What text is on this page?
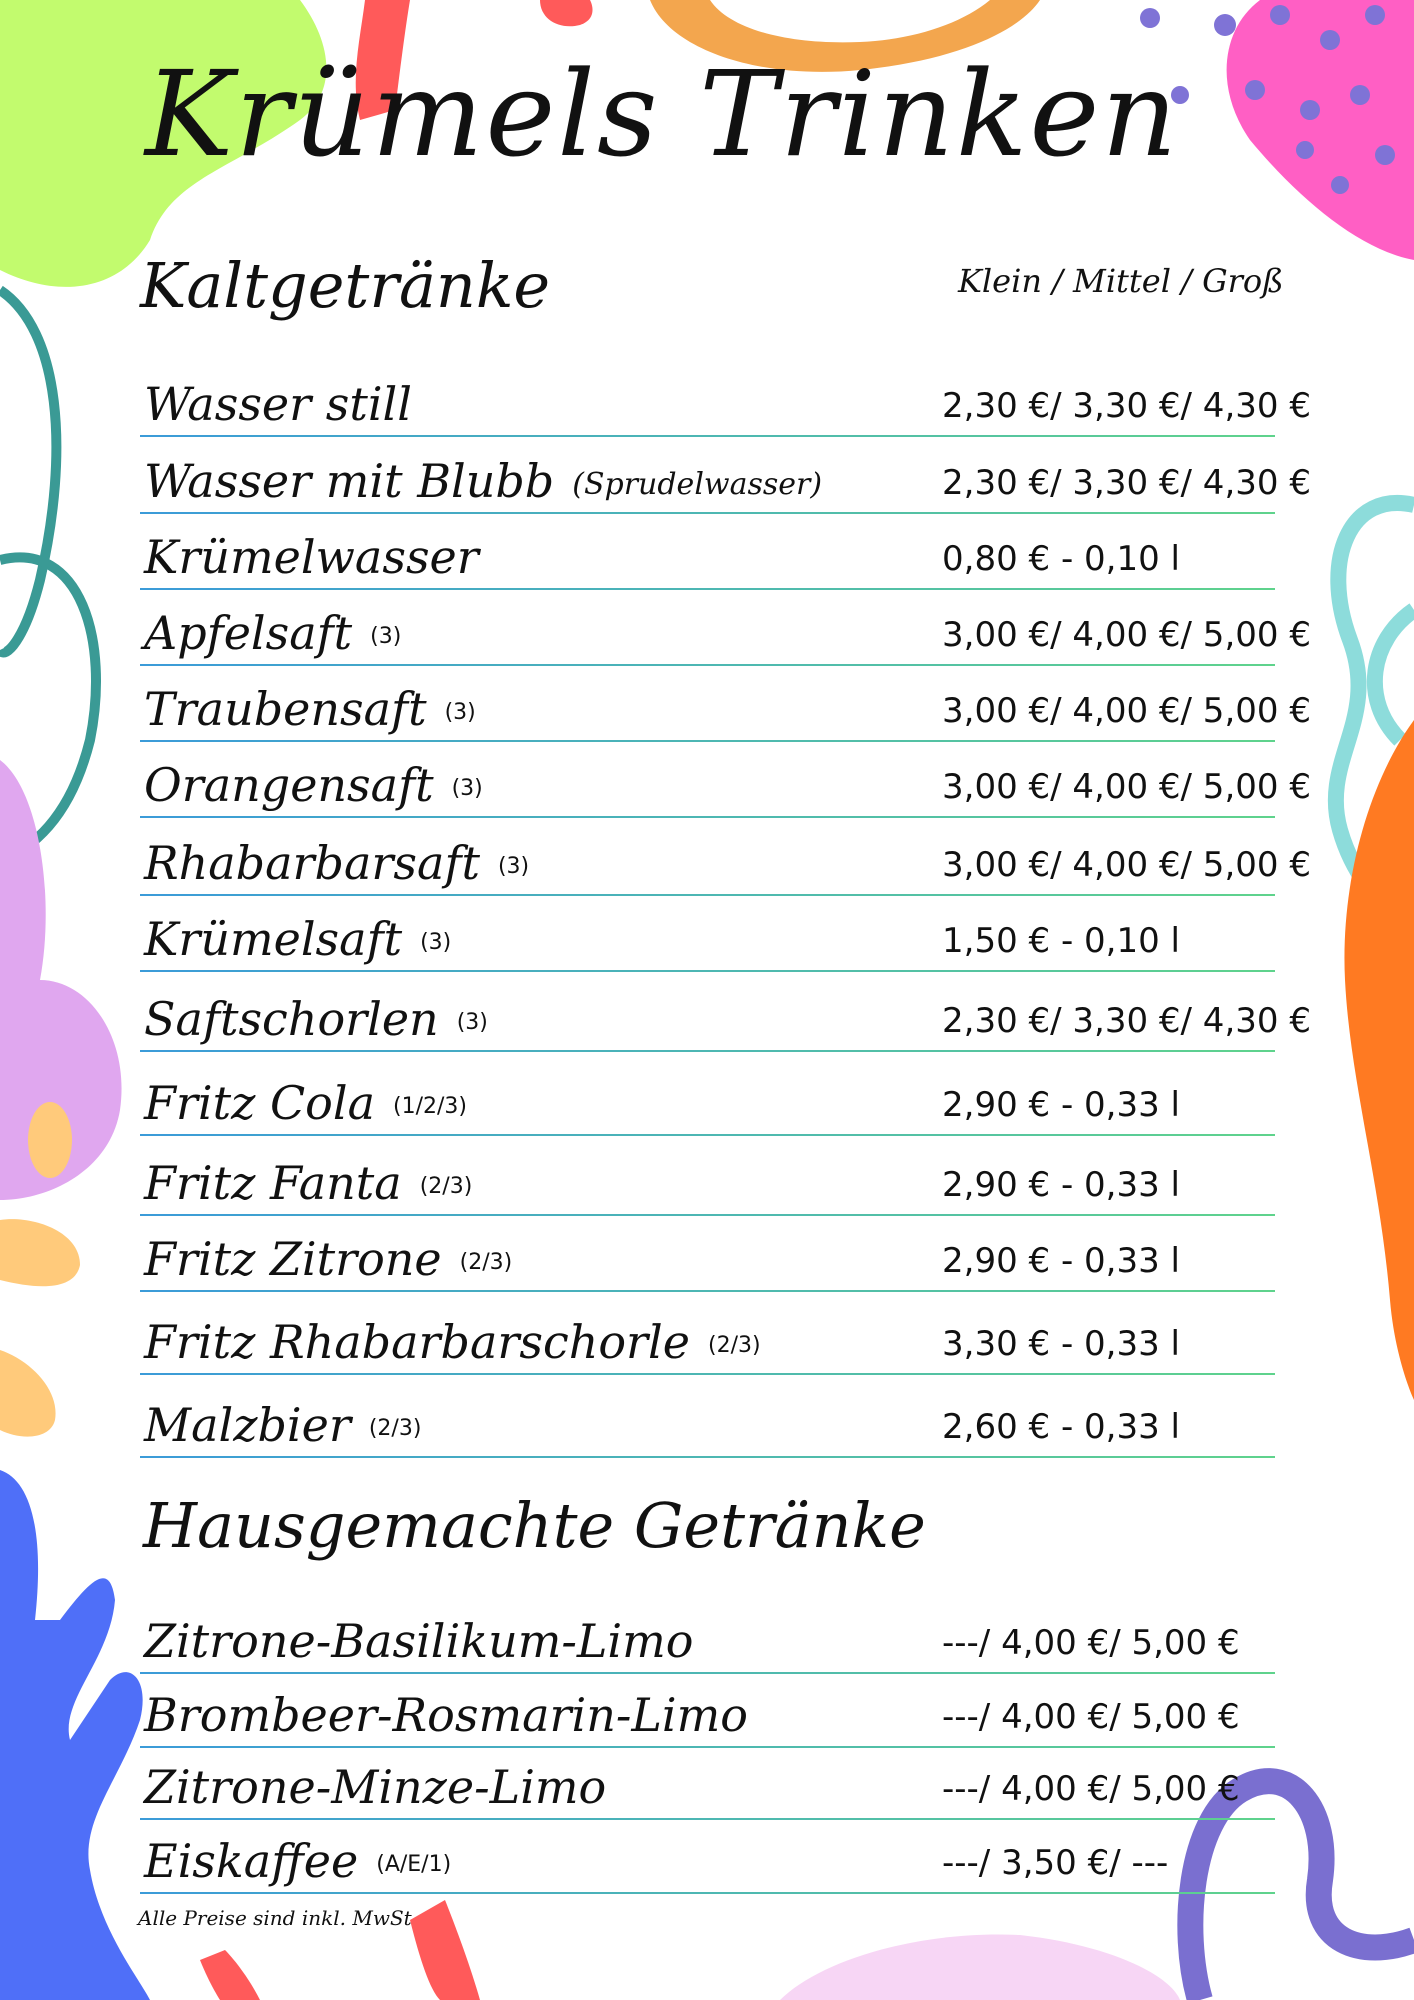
Krümels Trinken
Kaltgetränke	Klein / Mittel / Groß
Wasser still	2,30 €/ 3,30 €/ 4,30 €
Wasser mit Blubb (Sprudelwasser)	2,30 €/ 3,30 €/ 4,30 €
Krümelwasser	0,80 € - 0,10 l
Apfelsaft (3)	3,00 €/ 4,00 €/ 5,00 €
Traubensaft (3)	3,00 €/ 4,00 €/ 5,00 €
Orangensaft (3)	3,00 €/ 4,00 €/ 5,00 €
Rhabarbarsaft (3)	3,00 €/ 4,00 €/ 5,00 €
Krümelsaft (3)	1,50 € - 0,10 l
Saftschorlen (3)	2,30 €/ 3,30 €/ 4,30 €
Fritz Cola (1/2/3)	2,90 € - 0,33 l
Fritz Fanta (2/3)	2,90 € - 0,33 l
Fritz Zitrone (2/3)	2,90 € - 0,33 l
Fritz Rhabarbarschorle (2/3)	3,30 € - 0,33 l
Malzbier (2/3)	2,60 € - 0,33 l
Hausgemachte Getränke
Zitrone-Basilikum-Limo	---/ 4,00 €/ 5,00 €
Brombeer-Rosmarin-Limo	---/ 4,00 €/ 5,00 €
Zitrone-Minze-Limo	---/ 4,00 €/ 5,00 €
Eiskaffee (A/E/1)	---/ 3,50 €/ ---
Alle Preise sind inkl. MwSt
